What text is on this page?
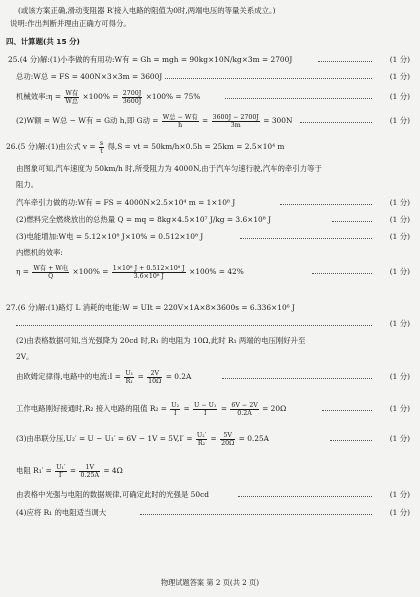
(或该方案正确,滑动变阻器 R′接入电路的阻值为0时,两端电压的等量关系成立。)
说明:作出判断并理由正确方可得分。
四、计算题(共 15 分)
25.(4 分)解:(1)小李做的有用功:W有 = Gh = mgh = 90kg×10N/kg×3m = 2700J	(1 分)
总功:W总 = FS = 400N×3×3m = 3600J	(1 分)
机械效率:η = $\frac{\text{W有}}{\text{W总}} \times 100\% = \frac{2700J}{3600J} \times 100\% = 75\%$	(1 分)
(2)W额 = W总 − W有 = G动 h,即 G动 = $\frac{\text{W总 − W有}}{h} = \frac{3600J - 2700J}{3m} = 300N$	(1 分)
26.(5 分)解:(1)由公式 $v = \frac{s}{t}$ 得,S = vt = 50km/h×0.5h = 25km = 2.5×10⁴ m
由图象可知,汽车速度为 50km/h 时,所受阻力为 4000N,由于汽车匀速行驶,汽车的牵引力等于
阻力。
汽车牵引力做的功:W有 = FS = 4000N×2.5×10⁴ m = 1×10⁸ J	(1 分)
(2)燃料完全燃烧放出的总热量 Q = mq = 8kg×4.5×10⁷ J/kg = 3.6×10⁸ J	(1 分)
(3)电能增加:W电 = 5.12×10⁸ J×10% = 0.512×10⁸ J	(1 分)
内燃机的效率:
$\eta = \frac{\text{W有 + W电}}{Q} \times 100\% = \frac{\text{1×10⁸ J + 0.512×10⁸ J}}{\text{3.6×10⁸ J}} \times 100\% = 42\%$	(1 分)
27.(6 分)解:(1)路灯 L 消耗的电能:W = UIt = 220V×1A×8×3600s = 6.336×10⁶ J
(1 分)
(2)由表格数据可知,当光强降为 20cd 时,R₁ 的电阻为 10Ω,此时 R₁ 两端的电压刚好升至
2V。
由欧姆定律得,电路中的电流:I = $\frac{\text{U₁}}{\text{R₁}} = \frac{2V}{10\Omega} = 0.2A$	(1 分)
工作电路刚好接通时,R₂ 接入电路的阻值 $R_2 = \frac{\text{U₂}}{I} = \frac{\text{U − U₁}}{I} = \frac{6V - 2V}{0.2A} = 20\Omega$	(1 分)
(3)由串联分压$,U_2' = U - U_1' = 6V - 1V = 5V,I' = \frac{\text{U₂′}}{\text{R₂}} = \frac{5V}{20\Omega} = 0.25A$	(1 分)
电阻 $R_1' = \frac{\text{U₁′}}{I'} = \frac{1V}{0.25A} = 4\Omega$
由表格中光强与电阻的数据规律,可确定此时的光强是 50cd	(1 分)
(4)应将 R₁ 的电阻适当调大	(1 分)
物理试题答案 第 2 页(共 2 页)
